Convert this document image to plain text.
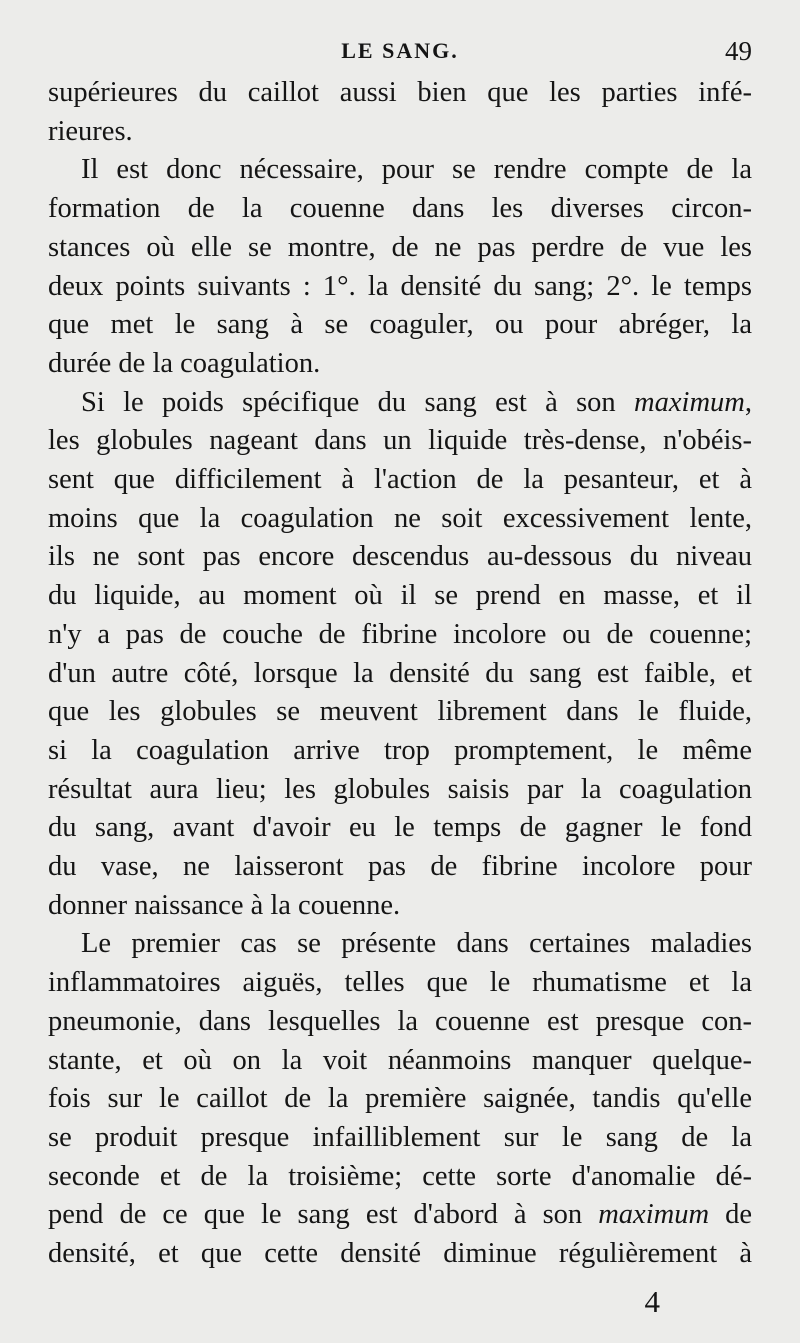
LE SANG.	49

supérieures du caillot aussi bien que les parties infé-
rieures.

Il est donc nécessaire, pour se rendre compte de la
formation de la couenne dans les diverses circon-
stances où elle se montre, de ne pas perdre de vue les
deux points suivants : 1°. la densité du sang; 2°. le temps
que met le sang à se coaguler, ou pour abréger, la
durée de la coagulation.

Si le poids spécifique du sang est à son maximum,
les globules nageant dans un liquide très-dense, n'obéis-
sent que difficilement à l'action de la pesanteur, et à
moins que la coagulation ne soit excessivement lente,
ils ne sont pas encore descendus au-dessous du niveau
du liquide, au moment où il se prend en masse, et il
n'y a pas de couche de fibrine incolore ou de couenne;
d'un autre côté, lorsque la densité du sang est faible, et
que les globules se meuvent librement dans le fluide,
si la coagulation arrive trop promptement, le même
résultat aura lieu; les globules saisis par la coagulation
du sang, avant d'avoir eu le temps de gagner le fond
du vase, ne laisseront pas de fibrine incolore pour
donner naissance à la couenne.

Le premier cas se présente dans certaines maladies
inflammatoires aiguës, telles que le rhumatisme et la
pneumonie, dans lesquelles la couenne est presque con-
stante, et où on la voit néanmoins manquer quelque-
fois sur le caillot de la première saignée, tandis qu'elle
se produit presque infailliblement sur le sang de la
seconde et de la troisième; cette sorte d'anomalie dé-
pend de ce que le sang est d'abord à son maximum de
densité, et que cette densité diminue régulièrement à

4
